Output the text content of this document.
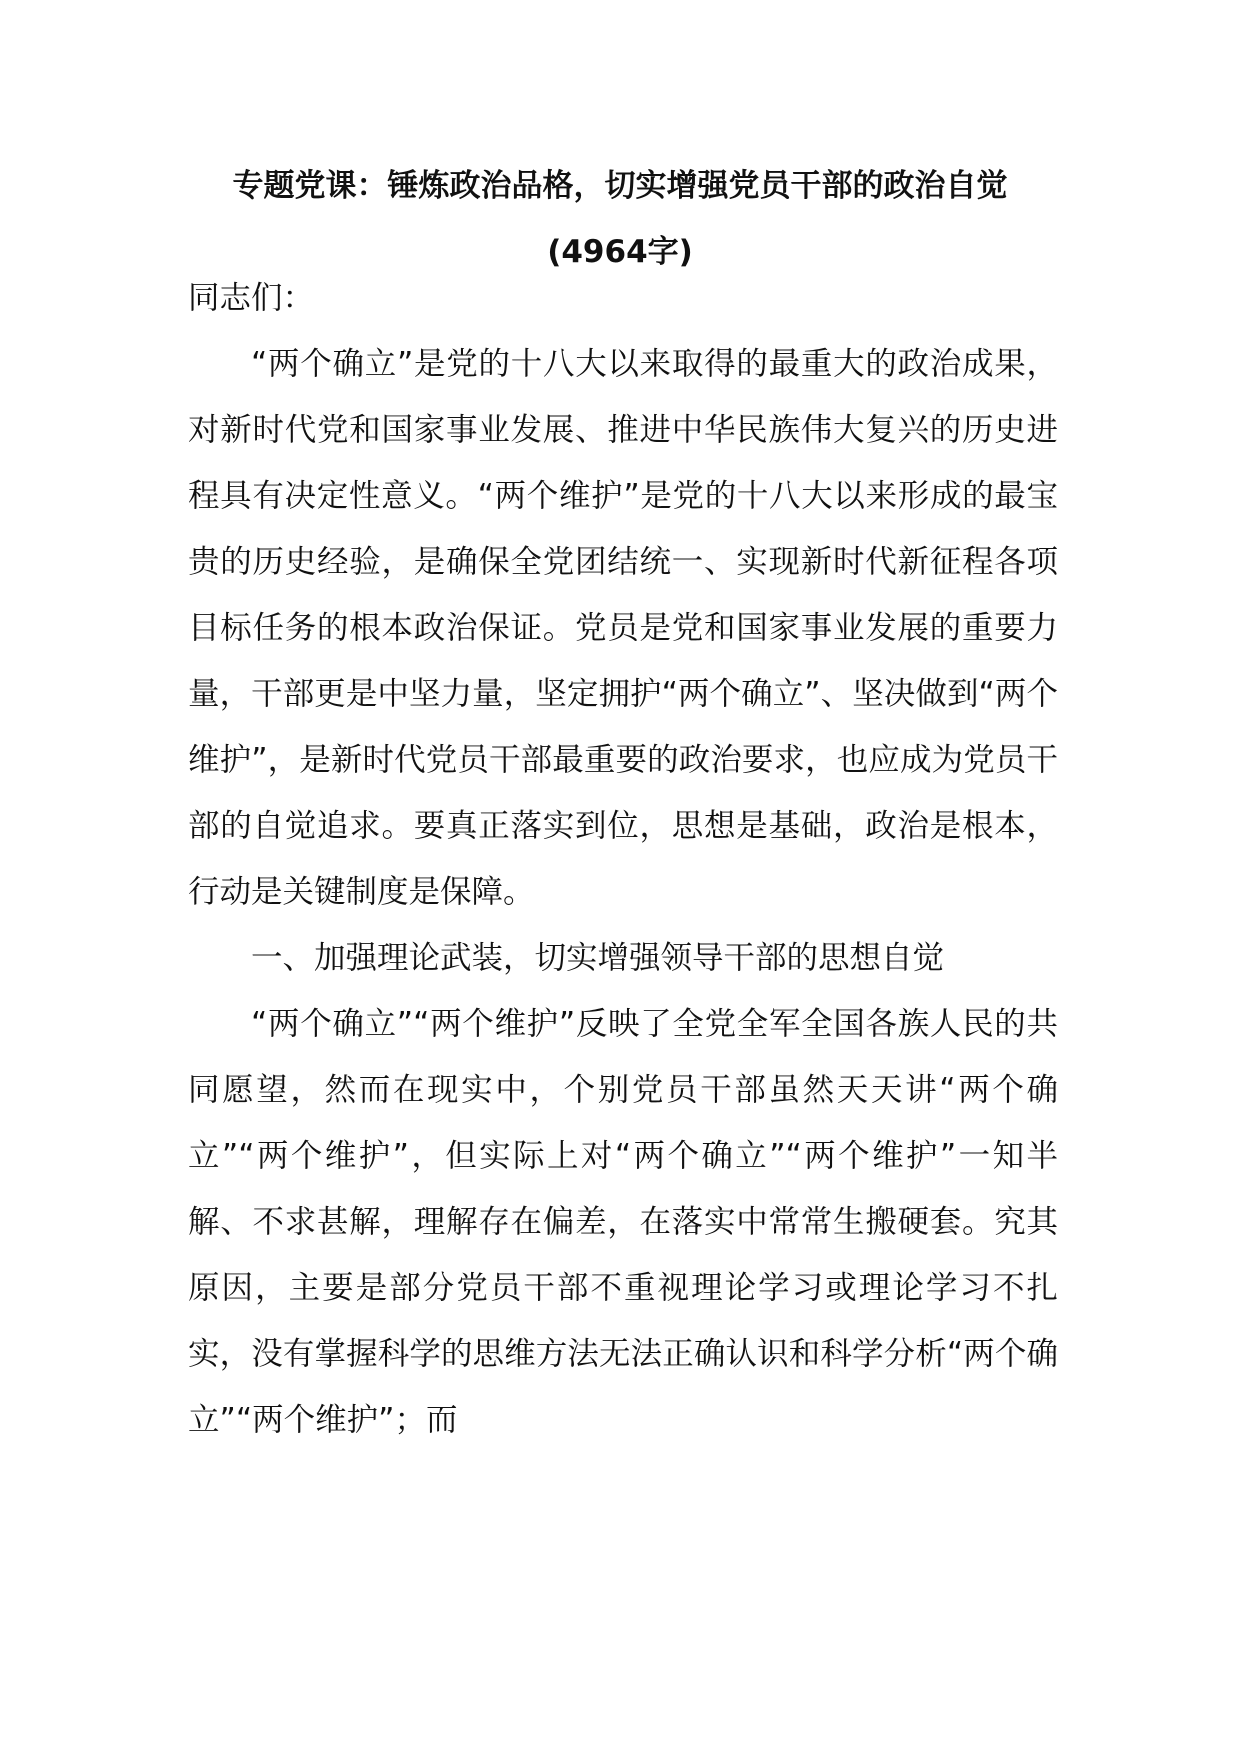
专题党课：锤炼政治品格，切实增强党员干部的政治自觉
(4964字)

同志们：

“两个确立”是党的十八大以来取得的最重大的政治成果，对新时代党和国家事业发展、推进中华民族伟大复兴的历史进程具有决定性意义。“两个维护”是党的十八大以来形成的最宝贵的历史经验，是确保全党团结统一、实现新时代新征程各项目标任务的根本政治保证。党员是党和国家事业发展的重要力量，干部更是中坚力量，坚定拥护“两个确立”、坚决做到“两个维护”，是新时代党员干部最重要的政治要求，也应成为党员干部的自觉追求。要真正落实到位，思想是基础，政治是根本，行动是关键制度是保障。

一、加强理论武装，切实增强领导干部的思想自觉

“两个确立”“两个维护”反映了全党全军全国各族人民的共同愿望，然而在现实中，个别党员干部虽然天天讲“两个确立”“两个维护”，但实际上对“两个确立”“两个维护”一知半解、不求甚解，理解存在偏差，在落实中常常生搬硬套。究其原因，主要是部分党员干部不重视理论学习或理论学习不扎实，没有掌握科学的思维方法无法正确认识和科学分析“两个确立”“两个维护”；而
